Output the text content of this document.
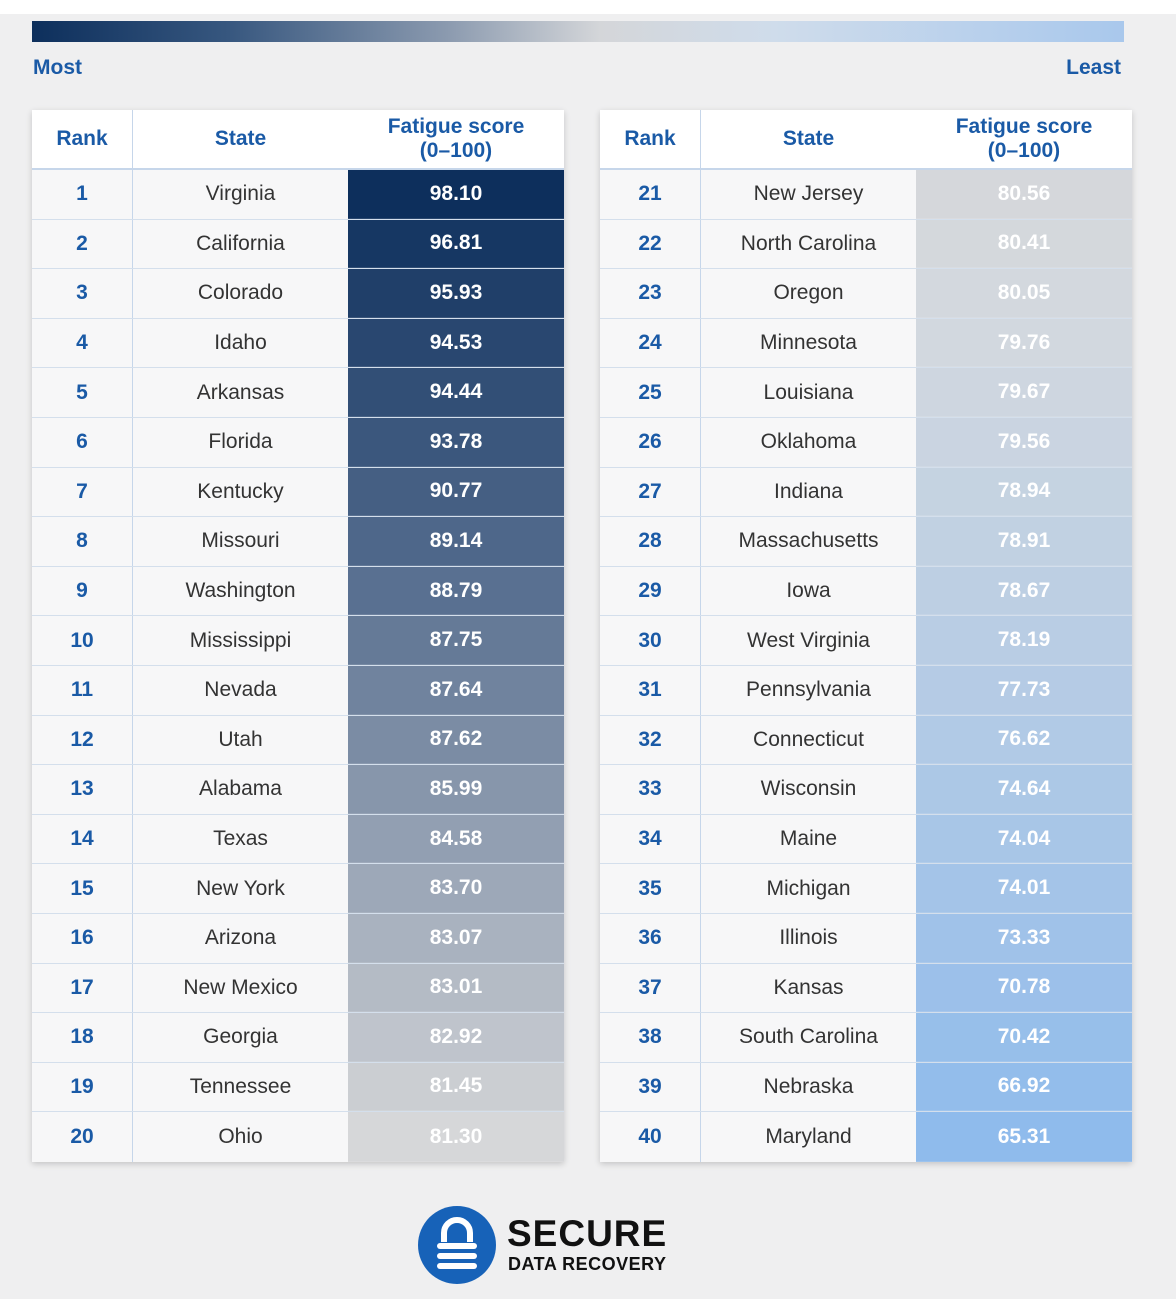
Most	Least
Rank	State
Fatigue score
(0–100)
1	Virginia	98.10
2	California	96.81
3	Colorado	95.93
4	Idaho	94.53
5	Arkansas	94.44
6	Florida	93.78
7	Kentucky	90.77
8	Missouri	89.14
9	Washington	88.79
10	Mississippi	87.75
11	Nevada	87.64
12	Utah	87.62
13	Alabama	85.99
14	Texas	84.58
15	New York	83.70
16	Arizona	83.07
17	New Mexico	83.01
18	Georgia	82.92
19	Tennessee	81.45
20	Ohio	81.30
Rank	State
Fatigue score
(0–100)
21	New Jersey	80.56
22	North Carolina	80.41
23	Oregon	80.05
24	Minnesota	79.76
25	Louisiana	79.67
26	Oklahoma	79.56
27	Indiana	78.94
28	Massachusetts	78.91
29	Iowa	78.67
30	West Virginia	78.19
31	Pennsylvania	77.73
32	Connecticut	76.62
33	Wisconsin	74.64
34	Maine	74.04
35	Michigan	74.01
36	Illinois	73.33
37	Kansas	70.78
38	South Carolina	70.42
39	Nebraska	66.92
40	Maryland	65.31
SECURE
DATA RECOVERY
